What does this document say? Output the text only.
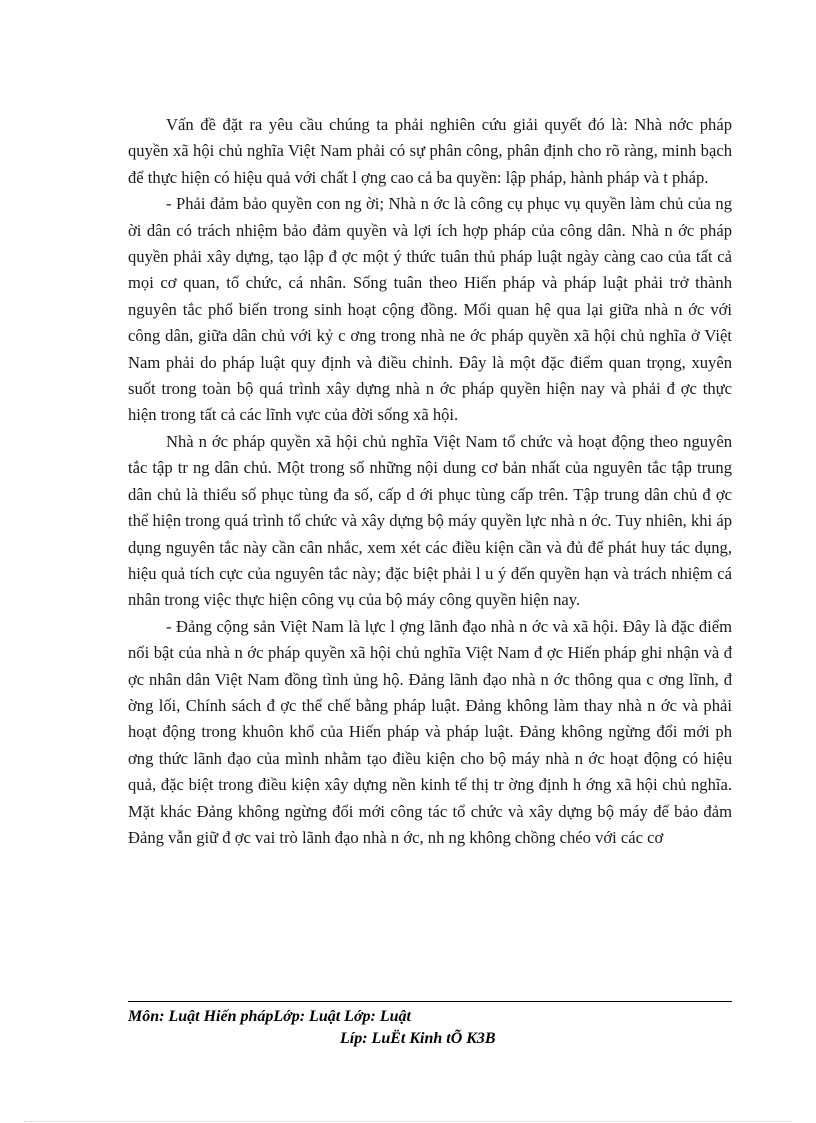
Vấn đề đặt ra yêu cầu chúng ta phải nghiên cứu giải quyết đó là: Nhà nớc pháp quyền xã hội chủ nghĩa Việt Nam phải có sự phân công, phân định cho rõ ràng, minh bạch để thực hiện có hiệu quả với chất l ợng cao cả ba quyền: lập pháp, hành pháp và t pháp.

- Phải đảm bảo quyền con ng ời; Nhà n ớc là công cụ phục vụ quyền làm chủ của ng ời dân có trách nhiệm bảo đảm quyền và lợi ích hợp pháp của công dân. Nhà n ớc pháp quyền phải xây dựng, tạo lập đ ợc một ý thức tuân thủ pháp luật ngày càng cao của tất cả mọi cơ quan, tổ chức, cá nhân. Sống tuân theo Hiến pháp và pháp luật phải trở thành nguyên tắc phổ biến trong sinh hoạt cộng đồng. Mối quan hệ qua lại giữa nhà n ớc với công dân, giữa dân chủ với kỷ c ơng trong nhà ne ớc pháp quyền xã hội chủ nghĩa ở Việt Nam phải do pháp luật quy định và điều chỉnh. Đây là một đặc điểm quan trọng, xuyên suốt trong toàn bộ quá trình xây dựng nhà n ớc pháp quyền hiện nay và phải đ ợc thực hiện trong tất cả các lĩnh vực của đời sống xã hội.

Nhà n ớc pháp quyền xã hội chủ nghĩa Việt Nam tổ chức và hoạt động theo nguyên tắc tập tr ng dân chủ. Một trong số những nội dung cơ bản nhất của nguyên tắc tập trung dân chủ là thiểu số phục tùng đa số, cấp d ới phục tùng cấp trên. Tập trung dân chủ đ ợc thể hiện trong quá trình tổ chức và xây dựng bộ máy quyền lực nhà n ớc. Tuy nhiên, khi áp dụng nguyên tắc này cần cân nhắc, xem xét các điều kiện cần và đủ để phát huy tác dụng, hiệu quả tích cực của nguyên tắc này; đặc biệt phải l u ý đến quyền hạn và trách nhiệm cá nhân trong việc thực hiện công vụ của bộ máy công quyền hiện nay.

- Đảng cộng sản Việt Nam là lực l ợng lãnh đạo nhà n ớc và xã hội. Đây là đặc điểm nổi bật của nhà n ớc pháp quyền xã hội chủ nghĩa Việt Nam đ ợc Hiến pháp ghi nhận và đ ợc nhân dân Việt Nam đồng tình ủng hộ. Đảng lãnh đạo nhà n ớc thông qua c ơng lĩnh, đ ờng lối, Chính sách đ ợc thể chế bằng pháp luật. Đảng không làm thay nhà n ớc và phải hoạt động trong khuôn khổ của Hiến pháp và pháp luật. Đảng không ngừng đổi mới ph ơng thức lãnh đạo của mình nhằm tạo điều kiện cho bộ máy nhà n ớc hoạt động có hiệu quả, đặc biệt trong điều kiện xây dựng nền kinh tế thị tr ờng định h ớng xã hội chủ nghĩa. Mặt khác Đảng không ngừng đổi mới công tác tổ chức và xây dựng bộ máy để bảo đảm Đảng vẫn giữ đ ợc vai trò lãnh đạo nhà n ớc, nh ng không chồng chéo với các cơ

Môn: Luật Hiến phápLớp: Luật Lớp: Luật
Líp: LuËt Kinh tÕ K3B
